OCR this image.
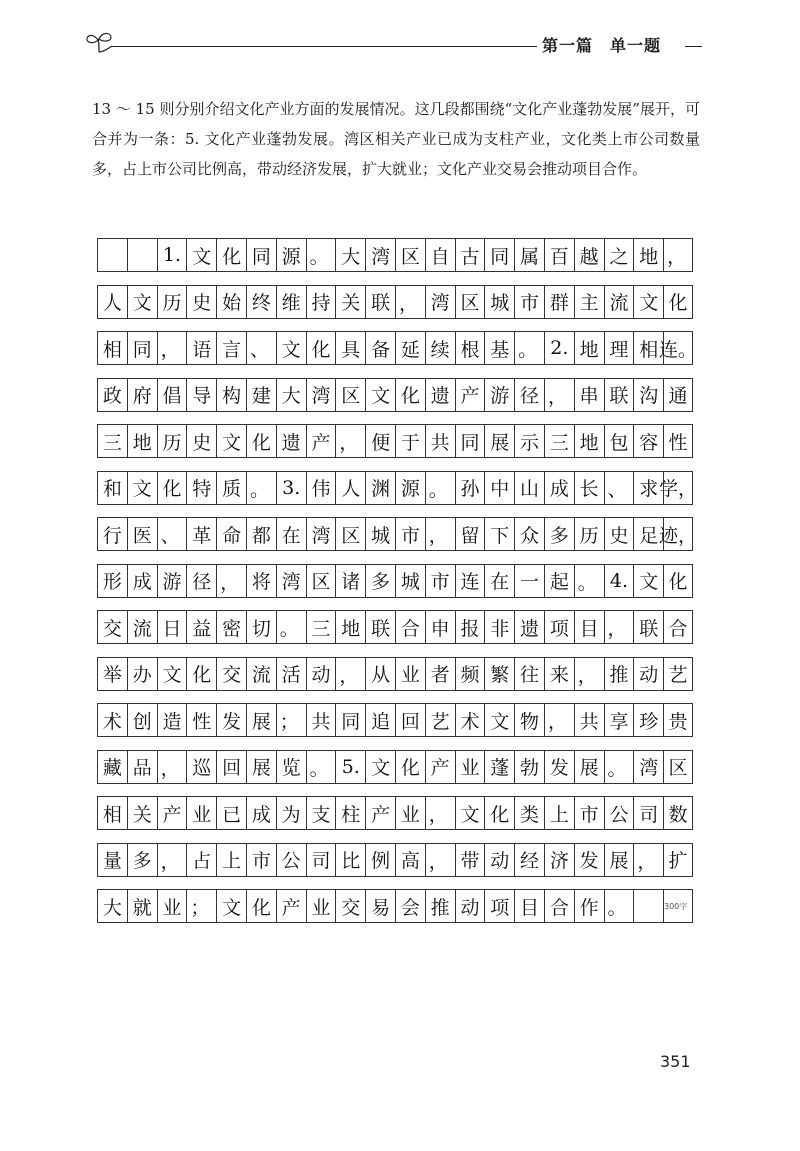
第一篇　单一题
13 ～ 15 则分别介绍文化产业方面的发展情况。这几段都围绕“文化产业蓬勃发展”展开，可合并为一条：5. 文化产业蓬勃发展。湾区相关产业已成为支柱产业，文化类上市公司数量多，占上市公司比例高，带动经济发展，扩大就业；文化产业交易会推动项目合作。
1. 文 化 同 源 。 大 湾 区 自 古 同 属 百 越 之 地 ，
人 文 历 史 始 终 维 持 关 联 ， 湾 区 城 市 群 主 流 文 化
相 同 ， 语 言 、 文 化 具 备 延 续 根 基 。 2. 地 理 相 连。
政 府 倡 导 构 建 大 湾 区 文 化 遗 产 游 径 ， 串 联 沟 通
三 地 历 史 文 化 遗 产 ， 便 于 共 同 展 示 三 地 包 容 性
和 文 化 特 质 。 3. 伟 人 渊 源 。 孙 中 山 成 长 、 求 学，
行 医 、 革 命 都 在 湾 区 城 市 ， 留 下 众 多 历 史 足 迹，
形 成 游 径 ， 将 湾 区 诸 多 城 市 连 在 一 起 。 4. 文 化
交 流 日 益 密 切 。 三 地 联 合 申 报 非 遗 项 目 ， 联 合
举 办 文 化 交 流 活 动 ， 从 业 者 频 繁 往 来 ， 推 动 艺
术 创 造 性 发 展 ； 共 同 追 回 艺 术 文 物 ， 共 享 珍 贵
藏 品 ， 巡 回 展 览 。 5. 文 化 产 业 蓬 勃 发 展 。 湾 区
相 关 产 业 已 成 为 支 柱 产 业 ， 文 化 类 上 市 公 司 数
量 多 ， 占 上 市 公 司 比 例 高 ， 带 动 经 济 发 展 ， 扩
大 就 业 ； 文 化 产 业 交 易 会 推 动 项 目 合 作 。	300字
351
